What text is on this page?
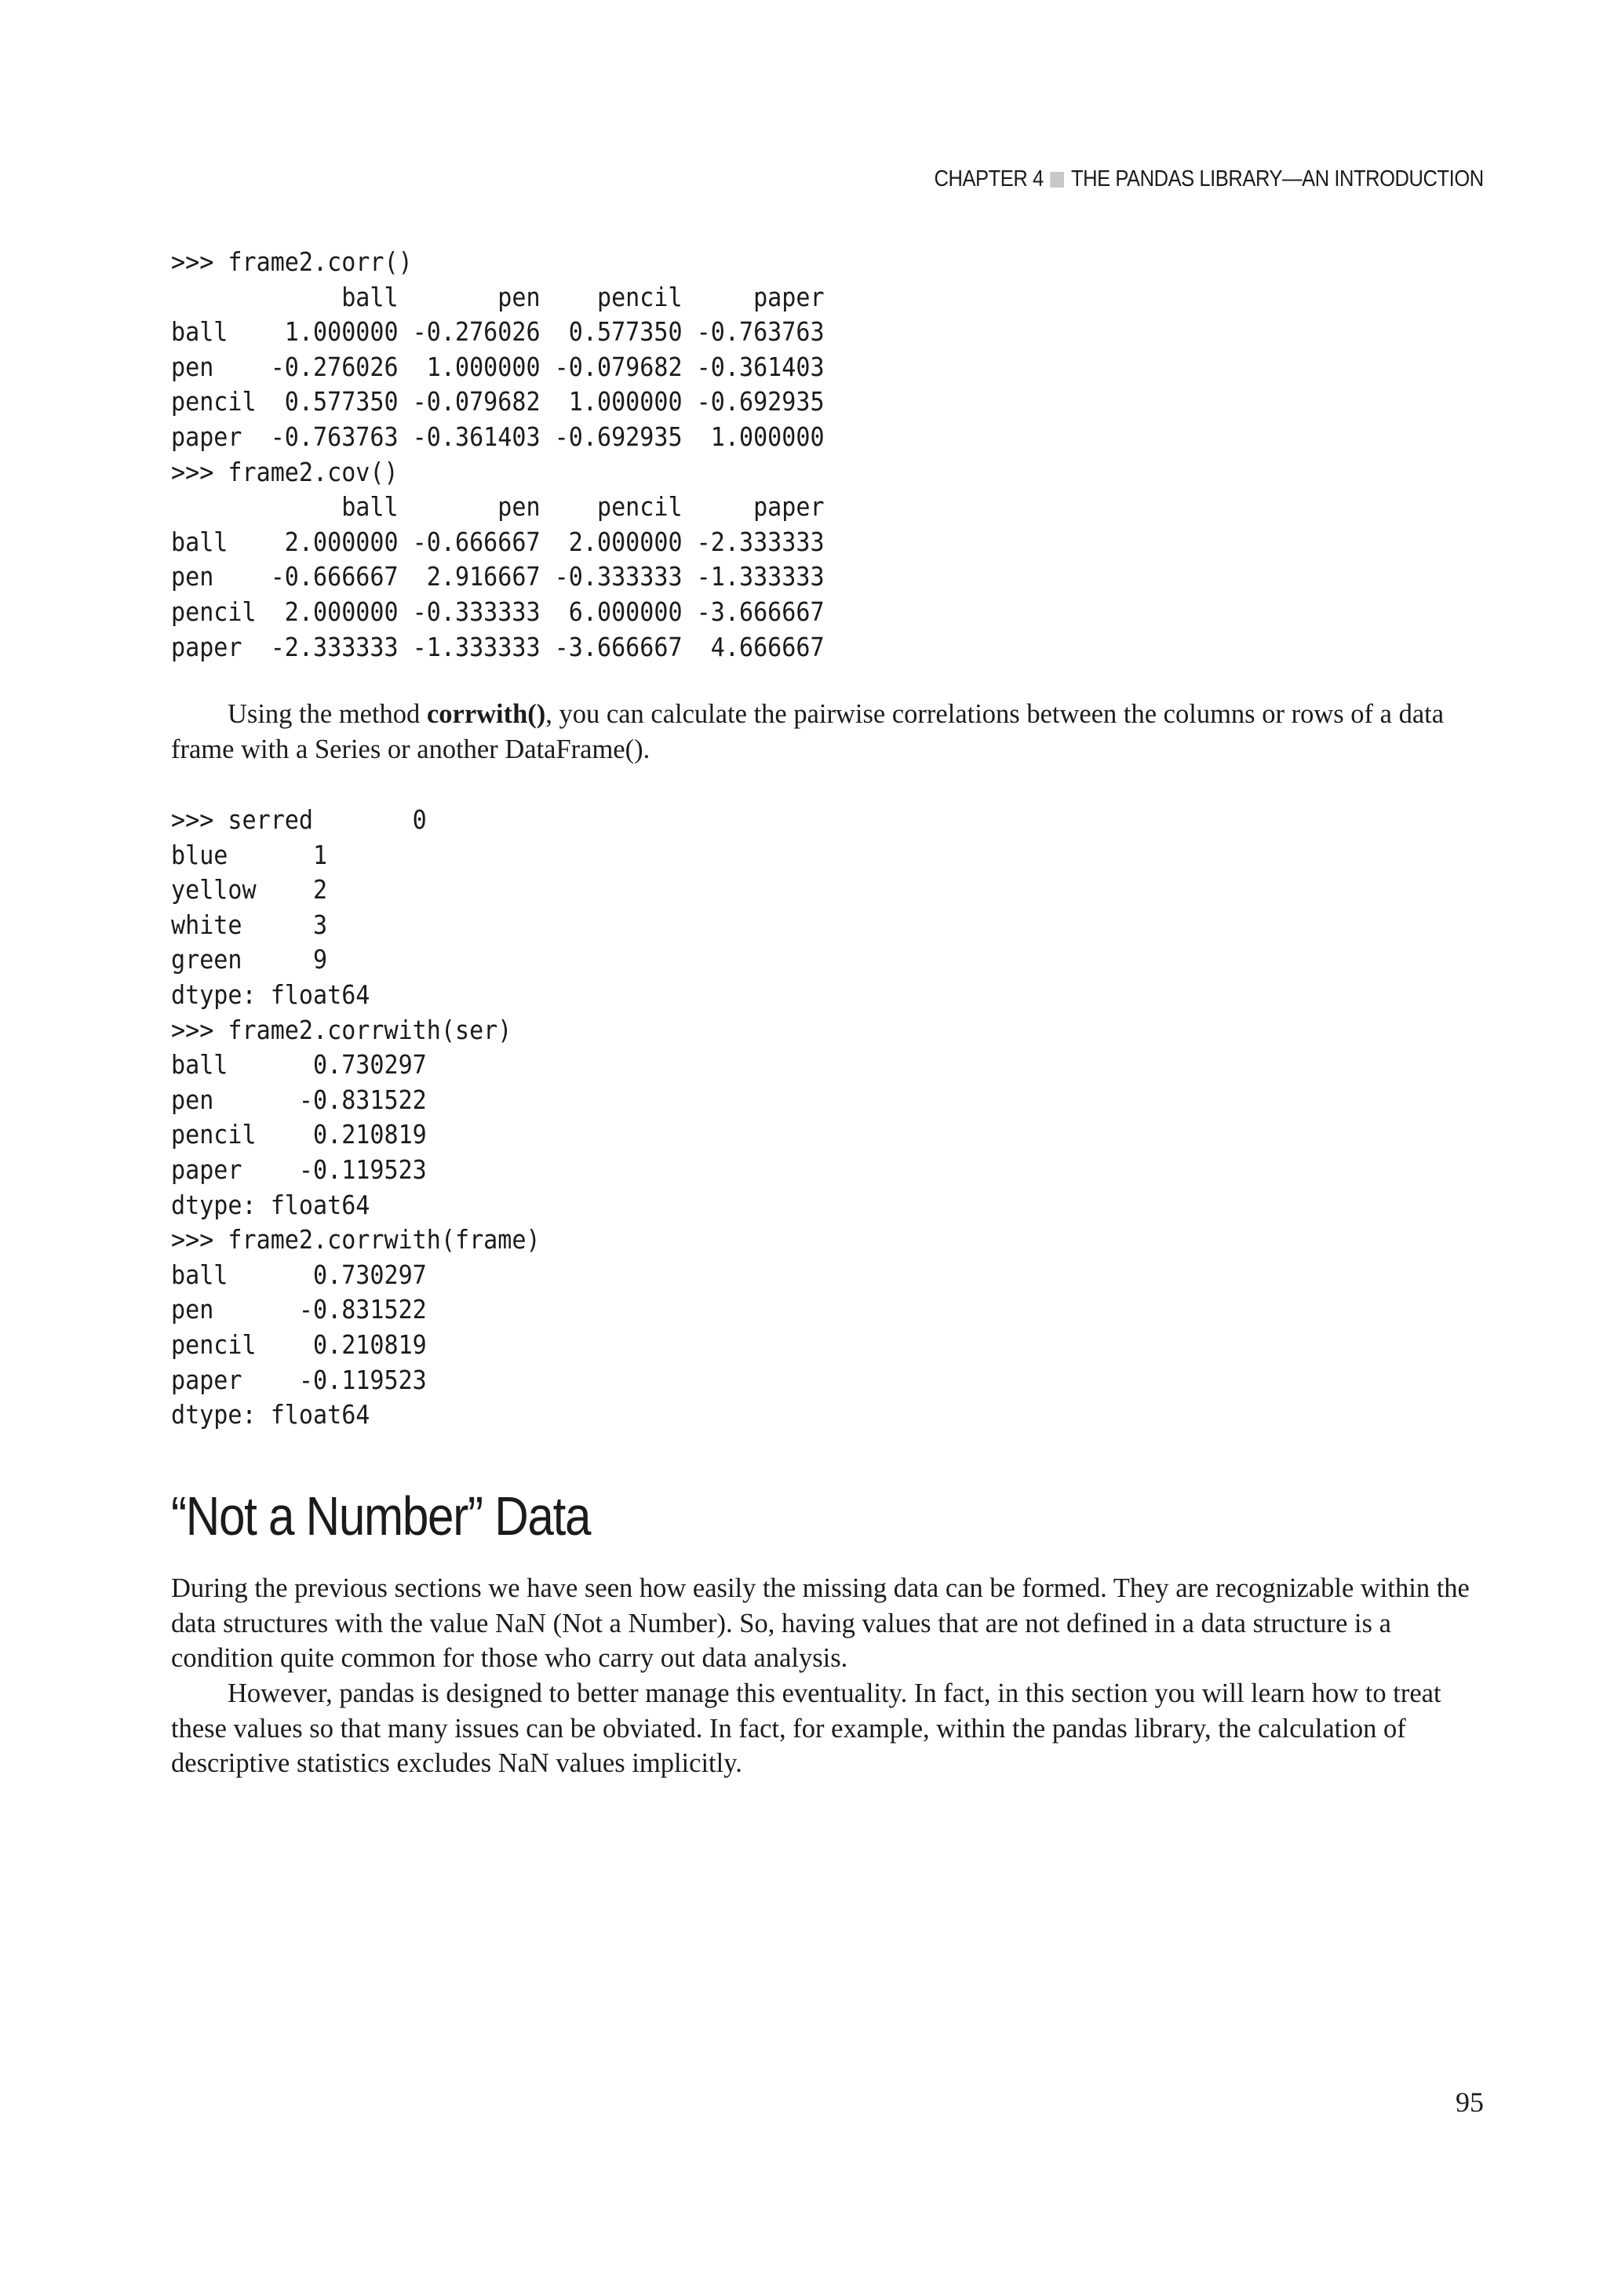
CHAPTER 4 THE PANDAS LIBRARY—AN INTRODUCTION
>>> frame2.corr()
ball       pen    pencil     paper
ball    1.000000 -0.276026  0.577350 -0.763763
pen    -0.276026  1.000000 -0.079682 -0.361403
pencil  0.577350 -0.079682  1.000000 -0.692935
paper  -0.763763 -0.361403 -0.692935  1.000000
>>> frame2.cov()
ball       pen    pencil     paper
ball    2.000000 -0.666667  2.000000 -2.333333
pen    -0.666667  2.916667 -0.333333 -1.333333
pencil  2.000000 -0.333333  6.000000 -3.666667
paper  -2.333333 -1.333333 -3.666667  4.666667

Using the method corrwith(), you can calculate the pairwise correlations between the columns or rows of a data frame with a Series or another DataFrame().

>>> serred       0
blue      1
yellow    2
white     3
green     9
dtype: float64
>>> frame2.corrwith(ser)
ball      0.730297
pen      -0.831522
pencil    0.210819
paper    -0.119523
dtype: float64
>>> frame2.corrwith(frame)
ball      0.730297
pen      -0.831522
pencil    0.210819
paper    -0.119523
dtype: float64
“Not a Number” Data

During the previous sections we have seen how easily the missing data can be formed. They are recognizable within the data structures with the value NaN (Not a Number). So, having values that are not defined in a data structure is a condition quite common for those who carry out data analysis.

However, pandas is designed to better manage this eventuality. In fact, in this section you will learn how to treat these values so that many issues can be obviated. In fact, for example, within the pandas library, the calculation of descriptive statistics excludes NaN values implicitly.

95
